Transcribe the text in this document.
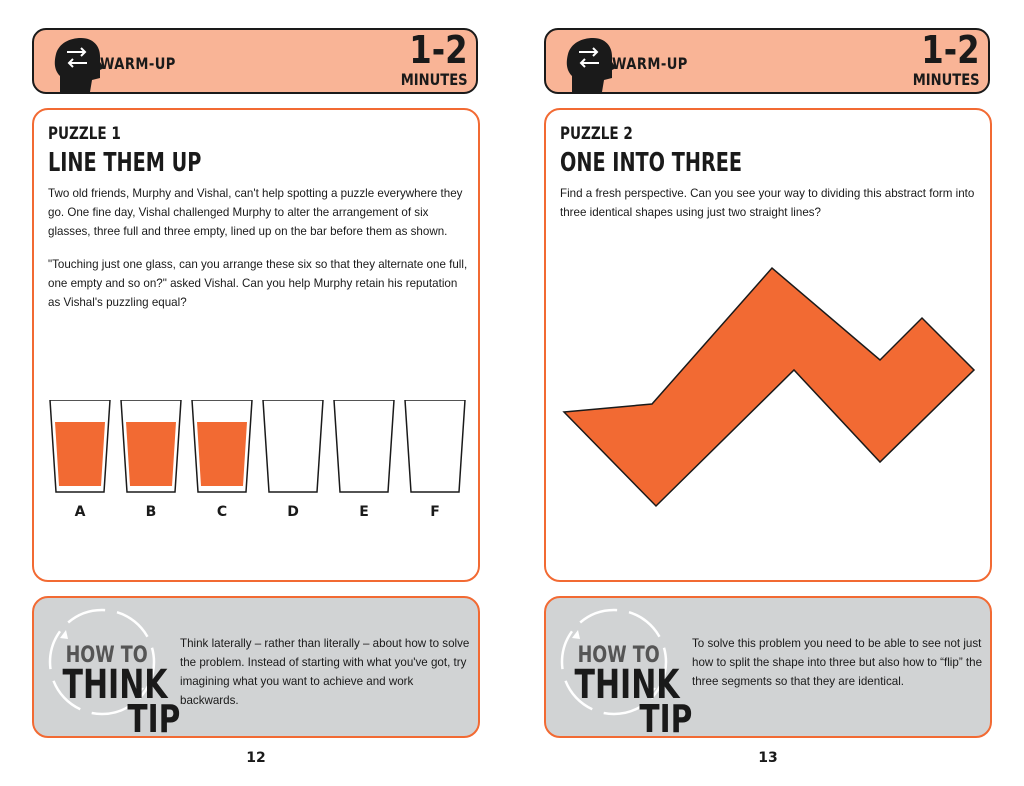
WARM-UP	1-2
MINUTES
PUZZLE 1
LINE THEM UP

Two old friends, Murphy and Vishal, can't help spotting a puzzle everywhere they go. One fine day, Vishal challenged Murphy to alter the arrangement of six glasses, three full and three empty, lined up on the bar before them as shown.

"Touching just one glass, can you arrange these six so that they alternate one full, one empty and so on?" asked Vishal. Can you help Murphy retain his reputation as Vishal's puzzling equal?

A	B	C	D	E	F
HOW TO
THINK
TIP
Think laterally – rather than literally – about how to solve the problem. Instead of starting with what you've got, try imagining what you want to achieve and work backwards.
12
WARM-UP	1-2
MINUTES
PUZZLE 2
ONE INTO THREE

Find a fresh perspective. Can you see your way to dividing this abstract form into three identical shapes using just two straight lines?

HOW TO
THINK
TIP
To solve this problem you need to be able to see not just how to split the shape into three but also how to “flip” the three segments so that they are identical.
13
